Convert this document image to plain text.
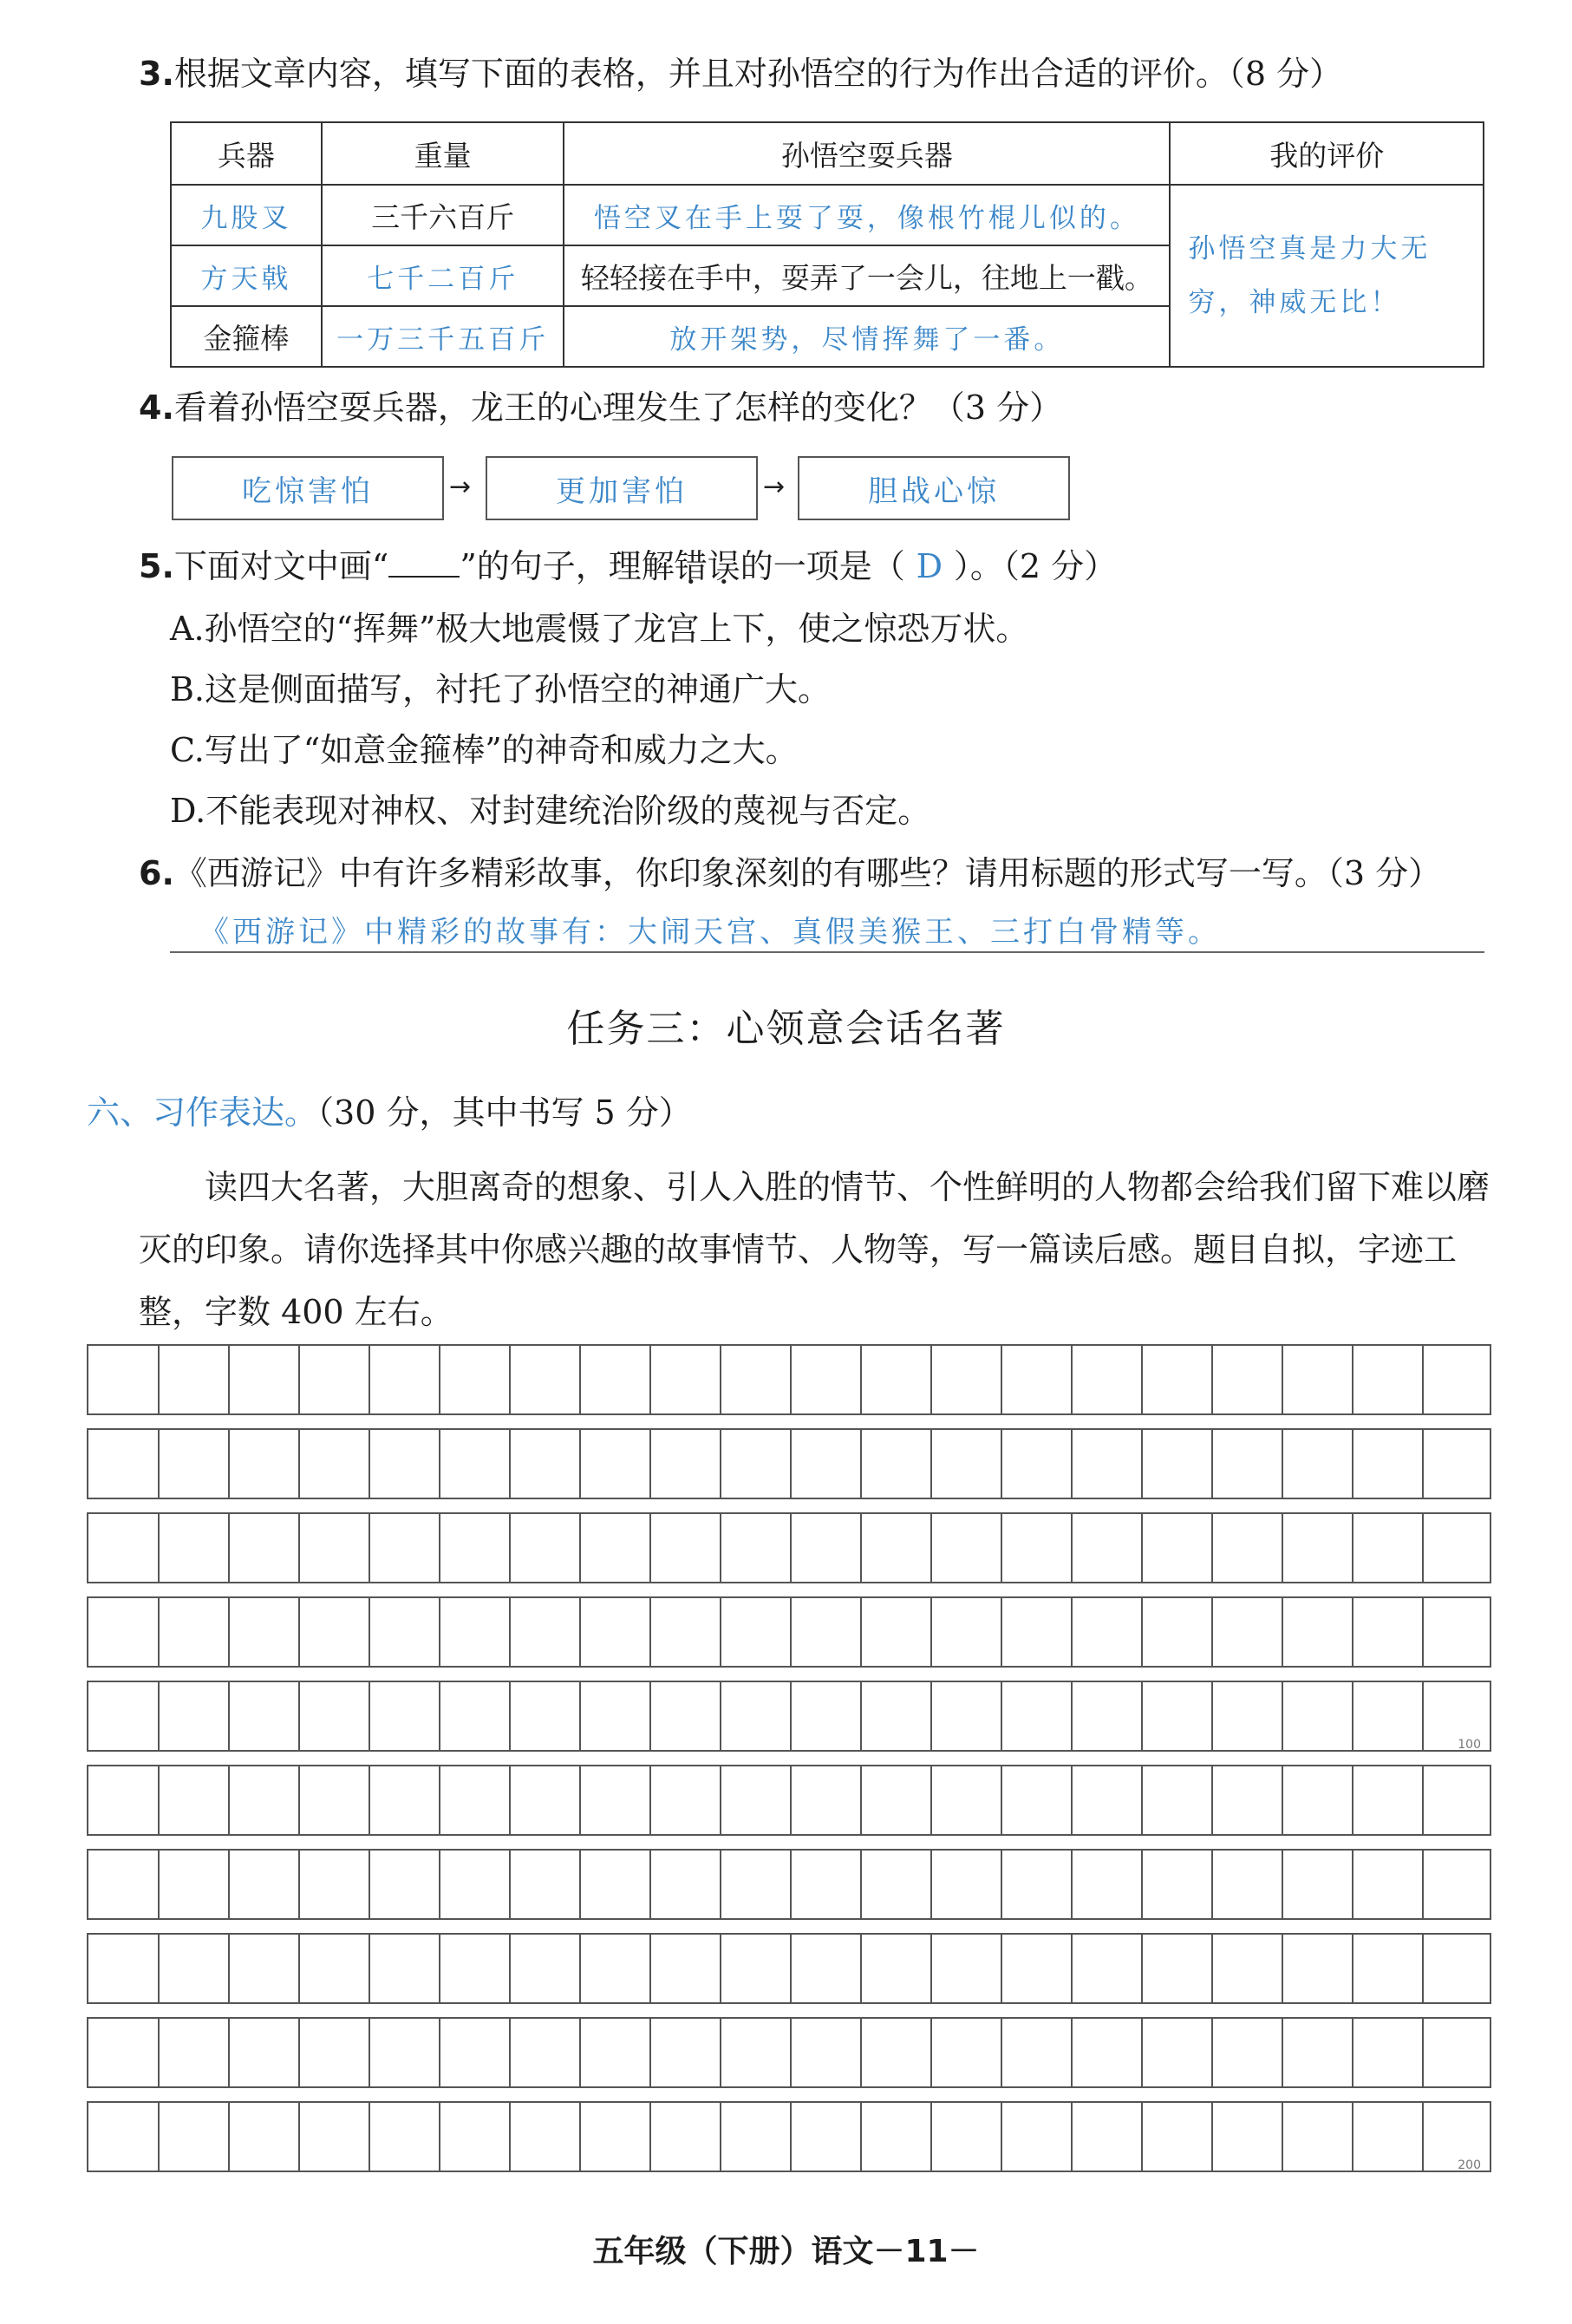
3.根据文章内容，填写下面的表格，并且对孙悟空的行为作出合适的评价。（8 分）
兵器	重量	孙悟空耍兵器	我的评价
九股叉	三千六百斤	悟空叉在手上耍了耍，像根竹棍儿似的。	孙悟空真是力大无穷，神威无比！
方天戟	七千二百斤	轻轻接在手中，耍弄了一会儿，往地上一戳。	
金箍棒	一万三千五百斤	放开架势，尽情挥舞了一番。	
4.看着孙悟空耍兵器，龙王的心理发生了怎样的变化？（3 分）
吃惊害怕	→	更加害怕	→	胆战心惊
5.下面对文中画“ ”的句子，理解错误的一项是（ D ）。（2 分）
A.孙悟空的“挥舞”极大地震慑了龙宫上下，使之惊恐万状。
B.这是侧面描写，衬托了孙悟空的神通广大。
C.写出了“如意金箍棒”的神奇和威力之大。
D.不能表现对神权、对封建统治阶级的蔑视与否定。
6.《西游记》中有许多精彩故事，你印象深刻的有哪些？请用标题的形式写一写。（3 分）
《西游记》中精彩的故事有：大闹天宫、真假美猴王、三打白骨精等。
任务三：心领意会话名著
六、习作表达。（30 分，其中书写 5 分）
读四大名著，大胆离奇的想象、引人入胜的情节、个性鲜明的人物都会给我们留下难以磨灭的印象。请你选择其中你感兴趣的故事情节、人物等，写一篇读后感。题目自拟，字迹工整，字数 400 左右。
100
200
五年级（下册）语文－11－
